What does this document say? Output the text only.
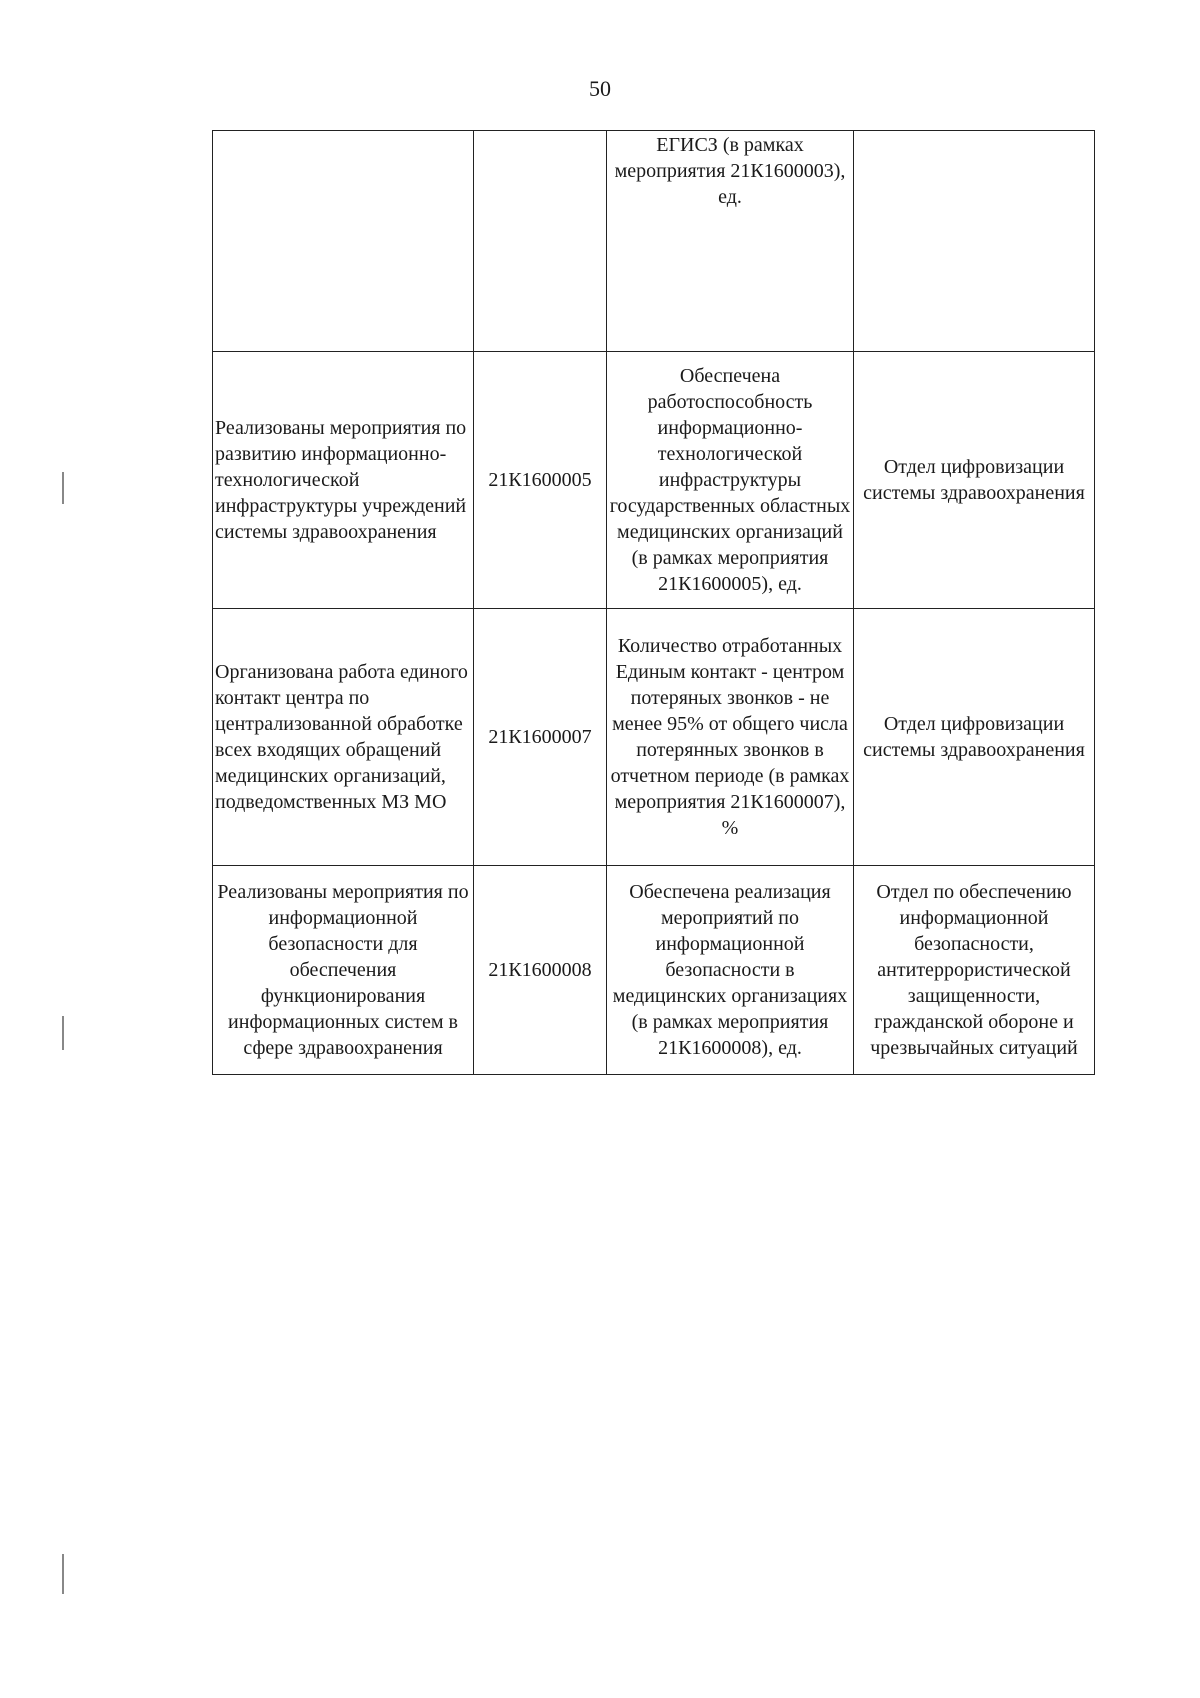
50
		ЕГИСЗ (в рамках мероприятия 21К1600003), ед.	
Реализованы мероприятия по развитию информационно-технологической инфраструктуры учреждений системы здравоохранения	21К1600005	Обеспечена работоспособность информационно-технологической инфраструктуры государственных областных медицинских организаций (в рамках мероприятия 21К1600005), ед.	Отдел цифровизации системы здравоохранения
Организована работа единого контакт центра по централизованной обработке всех входящих обращений медицинских организаций, подведомственных МЗ МО	21К1600007	Количество отработанных Единым контакт - центром потеряных звонков - не менее 95% от общего числа потерянных звонков в отчетном периоде (в рамках мероприятия 21К1600007), %	Отдел цифровизации системы здравоохранения
Реализованы мероприятия по информационной безопасности для обеспечения функционирования информационных систем в сфере здравоохранения	21К1600008	Обеспечена реализация мероприятий по информационной безопасности в медицинских организациях (в рамках мероприятия 21К1600008), ед.	Отдел по обеспечению информационной безопасности, антитеррористической защищенности, гражданской обороне и чрезвычайных ситуаций
